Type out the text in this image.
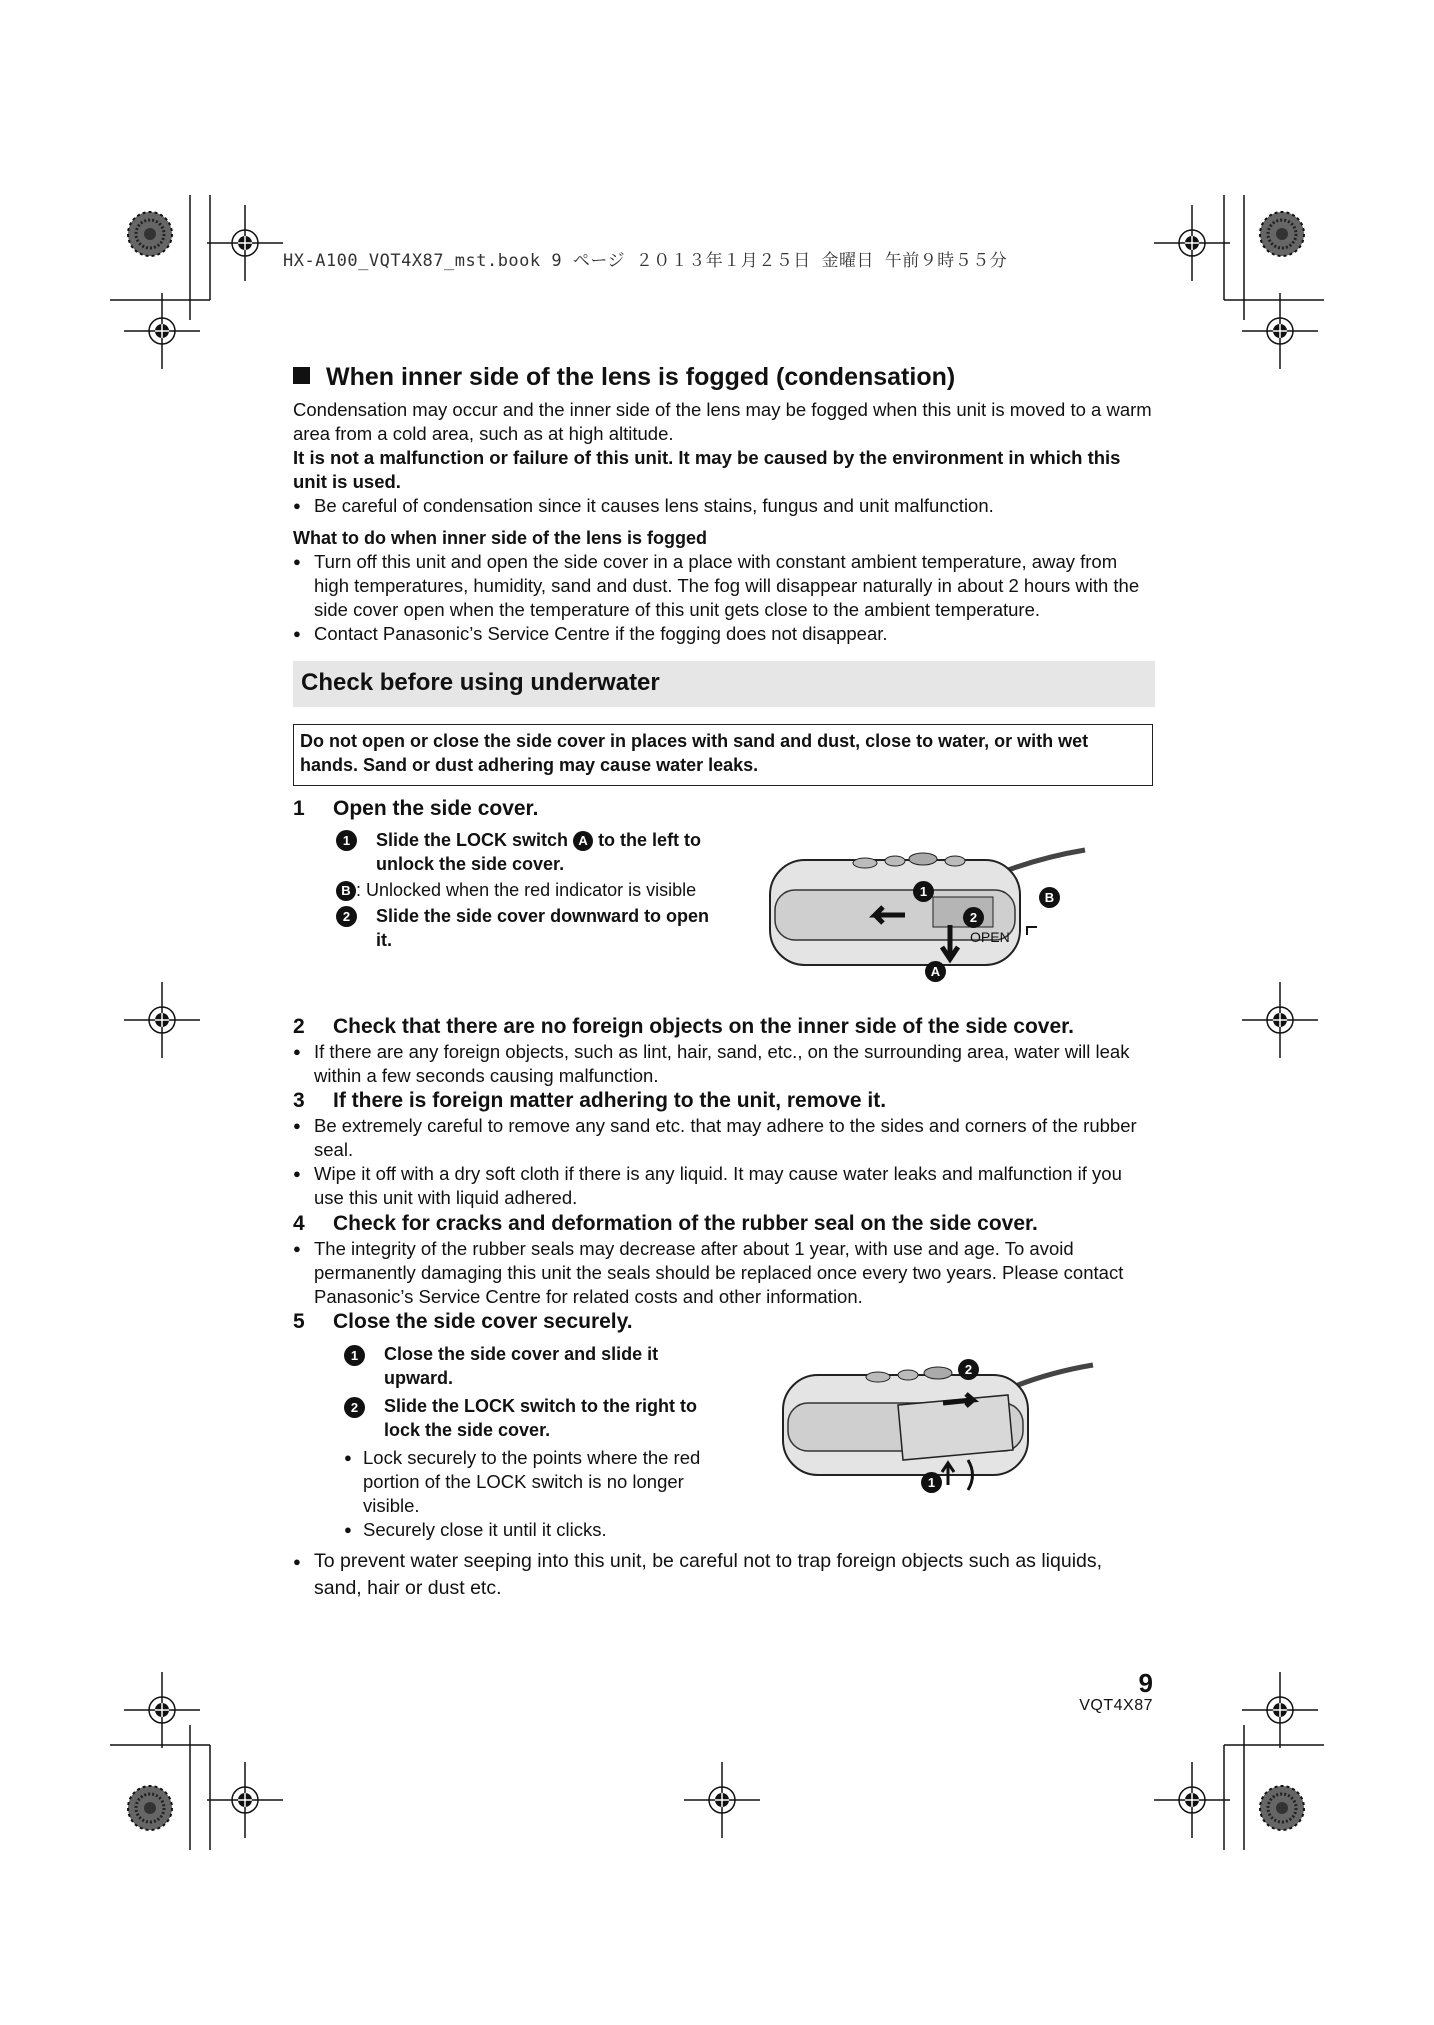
HX-A100_VQT4X87_mst.book 9 ページ ２０１３年１月２５日 金曜日 午前９時５５分
When inner side of the lens is fogged (condensation)
Condensation may occur and the inner side of the lens may be fogged when this unit is moved to a warm area from a cold area, such as at high altitude.
It is not a malfunction or failure of this unit. It may be caused by the environment in which this unit is used.
● Be careful of condensation since it causes lens stains, fungus and unit malfunction.
What to do when inner side of the lens is fogged
● Turn off this unit and open the side cover in a place with constant ambient temperature, away from high temperatures, humidity, sand and dust. The fog will disappear naturally in about 2 hours with the side cover open when the temperature of this unit gets close to the ambient temperature.
● Contact Panasonic’s Service Centre if the fogging does not disappear.
Check before using underwater
Do not open or close the side cover in places with sand and dust, close to water, or with wet hands. Sand or dust adhering may cause water leaks.
1 Open the side cover.
1	Slide the LOCK switch A to the left to unlock the side cover.
B : Unlocked when the red indicator is visible
2	Slide the side cover downward to open it.
1
2
B
A
OPEN
2 Check that there are no foreign objects on the inner side of the side cover.
● If there are any foreign objects, such as lint, hair, sand, etc., on the surrounding area, water will leak within a few seconds causing malfunction.
3 If there is foreign matter adhering to the unit, remove it.
● Be extremely careful to remove any sand etc. that may adhere to the sides and corners of the rubber seal.
● Wipe it off with a dry soft cloth if there is any liquid. It may cause water leaks and malfunction if you use this unit with liquid adhered.
4 Check for cracks and deformation of the rubber seal on the side cover.
● The integrity of the rubber seals may decrease after about 1 year, with use and age. To avoid permanently damaging this unit the seals should be replaced once every two years. Please contact Panasonic’s Service Centre for related costs and other information.
5 Close the side cover securely.
1	Close the side cover and slide it upward.
2	Slide the LOCK switch to the right to lock the side cover.
● Lock securely to the points where the red portion of the LOCK switch is no longer visible.
● Securely close it until it clicks.
2
1
● To prevent water seeping into this unit, be careful not to trap foreign objects such as liquids, sand, hair or dust etc.
9
VQT4X87
